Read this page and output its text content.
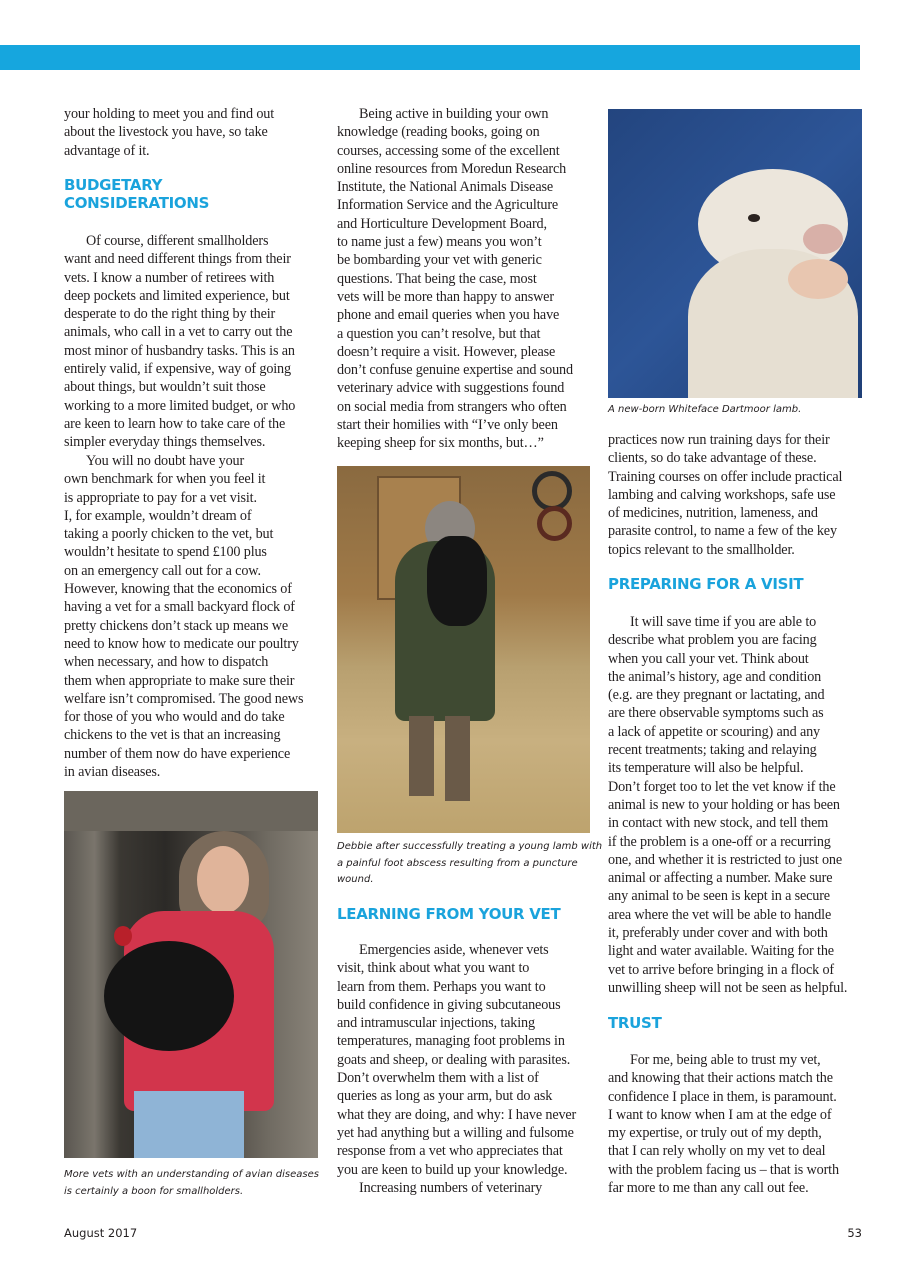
your holding to meet you and find out
about the livestock you have, so take
advantage of it.
BUDGETARY
CONSIDERATIONS
Of course, different smallholders
want and need different things from their
vets. I know a number of retirees with
deep pockets and limited experience, but
desperate to do the right thing by their
animals, who call in a vet to carry out the
most minor of husbandry tasks. This is an
entirely valid, if expensive, way of going
about things, but wouldn’t suit those
working to a more limited budget, or who
are keen to learn how to take care of the
simpler everyday things themselves.
You will no doubt have your
own benchmark for when you feel it
is appropriate to pay for a vet visit.
I, for example, wouldn’t dream of
taking a poorly chicken to the vet, but
wouldn’t hesitate to spend £100 plus
on an emergency call out for a cow.
However, knowing that the economics of
having a vet for a small backyard flock of
pretty chickens don’t stack up means we
need to know how to medicate our poultry
when necessary, and how to dispatch
them when appropriate to make sure their
welfare isn’t compromised. The good news
for those of you who would and do take
chickens to the vet is that an increasing
number of them now do have experience
in avian diseases.
More vets with an understanding of avian diseases
is certainly a boon for smallholders.
Being active in building your own
knowledge (reading books, going on
courses, accessing some of the excellent
online resources from Moredun Research
Institute, the National Animals Disease
Information Service and the Agriculture
and Horticulture Development Board,
to name just a few) means you won’t
be bombarding your vet with generic
questions. That being the case, most
vets will be more than happy to answer
phone and email queries when you have
a question you can’t resolve, but that
doesn’t require a visit. However, please
don’t confuse genuine expertise and sound
veterinary advice with suggestions found
on social media from strangers who often
start their homilies with “I’ve only been
keeping sheep for six months, but…”
Debbie after successfully treating a young lamb with
a painful foot abscess resulting from a puncture
wound.
LEARNING FROM YOUR VET
Emergencies aside, whenever vets
visit, think about what you want to
learn from them. Perhaps you want to
build confidence in giving subcutaneous
and intramuscular injections, taking
temperatures, managing foot problems in
goats and sheep, or dealing with parasites.
Don’t overwhelm them with a list of
queries as long as your arm, but do ask
what they are doing, and why: I have never
yet had anything but a willing and fulsome
response from a vet who appreciates that
you are keen to build up your knowledge.
Increasing numbers of veterinary
A new-born Whiteface Dartmoor lamb.
practices now run training days for their
clients, so do take advantage of these.
Training courses on offer include practical
lambing and calving workshops, safe use
of medicines, nutrition, lameness, and
parasite control, to name a few of the key
topics relevant to the smallholder.
PREPARING FOR A VISIT
It will save time if you are able to
describe what problem you are facing
when you call your vet. Think about
the animal’s history, age and condition
(e.g. are they pregnant or lactating, and
are there observable symptoms such as
a lack of appetite or scouring) and any
recent treatments; taking and relaying
its temperature will also be helpful.
Don’t forget too to let the vet know if the
animal is new to your holding or has been
in contact with new stock, and tell them
if the problem is a one-off or a recurring
one, and whether it is restricted to just one
animal or affecting a number. Make sure
any animal to be seen is kept in a secure
area where the vet will be able to handle
it, preferably under cover and with both
light and water available. Waiting for the
vet to arrive before bringing in a flock of
unwilling sheep will not be seen as helpful.
TRUST
For me, being able to trust my vet,
and knowing that their actions match the
confidence I place in them, is paramount.
I want to know when I am at the edge of
my expertise, or truly out of my depth,
that I can rely wholly on my vet to deal
with the problem facing us – that is worth
far more to me than any call out fee.
August 2017	53
